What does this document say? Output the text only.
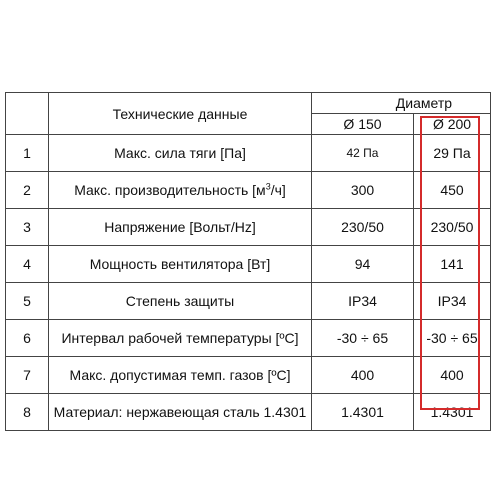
	Технические данные	Диаметр	
		Ø 150	Ø 200
1	Макс. сила тяги [Па]	42 Па	29 Па
2	Макс. производительность $[м^3/ч]$	300	450
3	Напряжение [Вольт/Hz]	230/50	230/50
4	Мощность вентилятора [Вт]	94	141
5	Степень защиты	IP34	IP34
6	Интервал рабочей температуры [ºC]	-30 ÷ 65	-30 ÷ 65
7	Макс. допустимая темп. газов [ºC]	400	400
8	Материал: нержавеющая сталь 1.4301	1.4301	1.4301
